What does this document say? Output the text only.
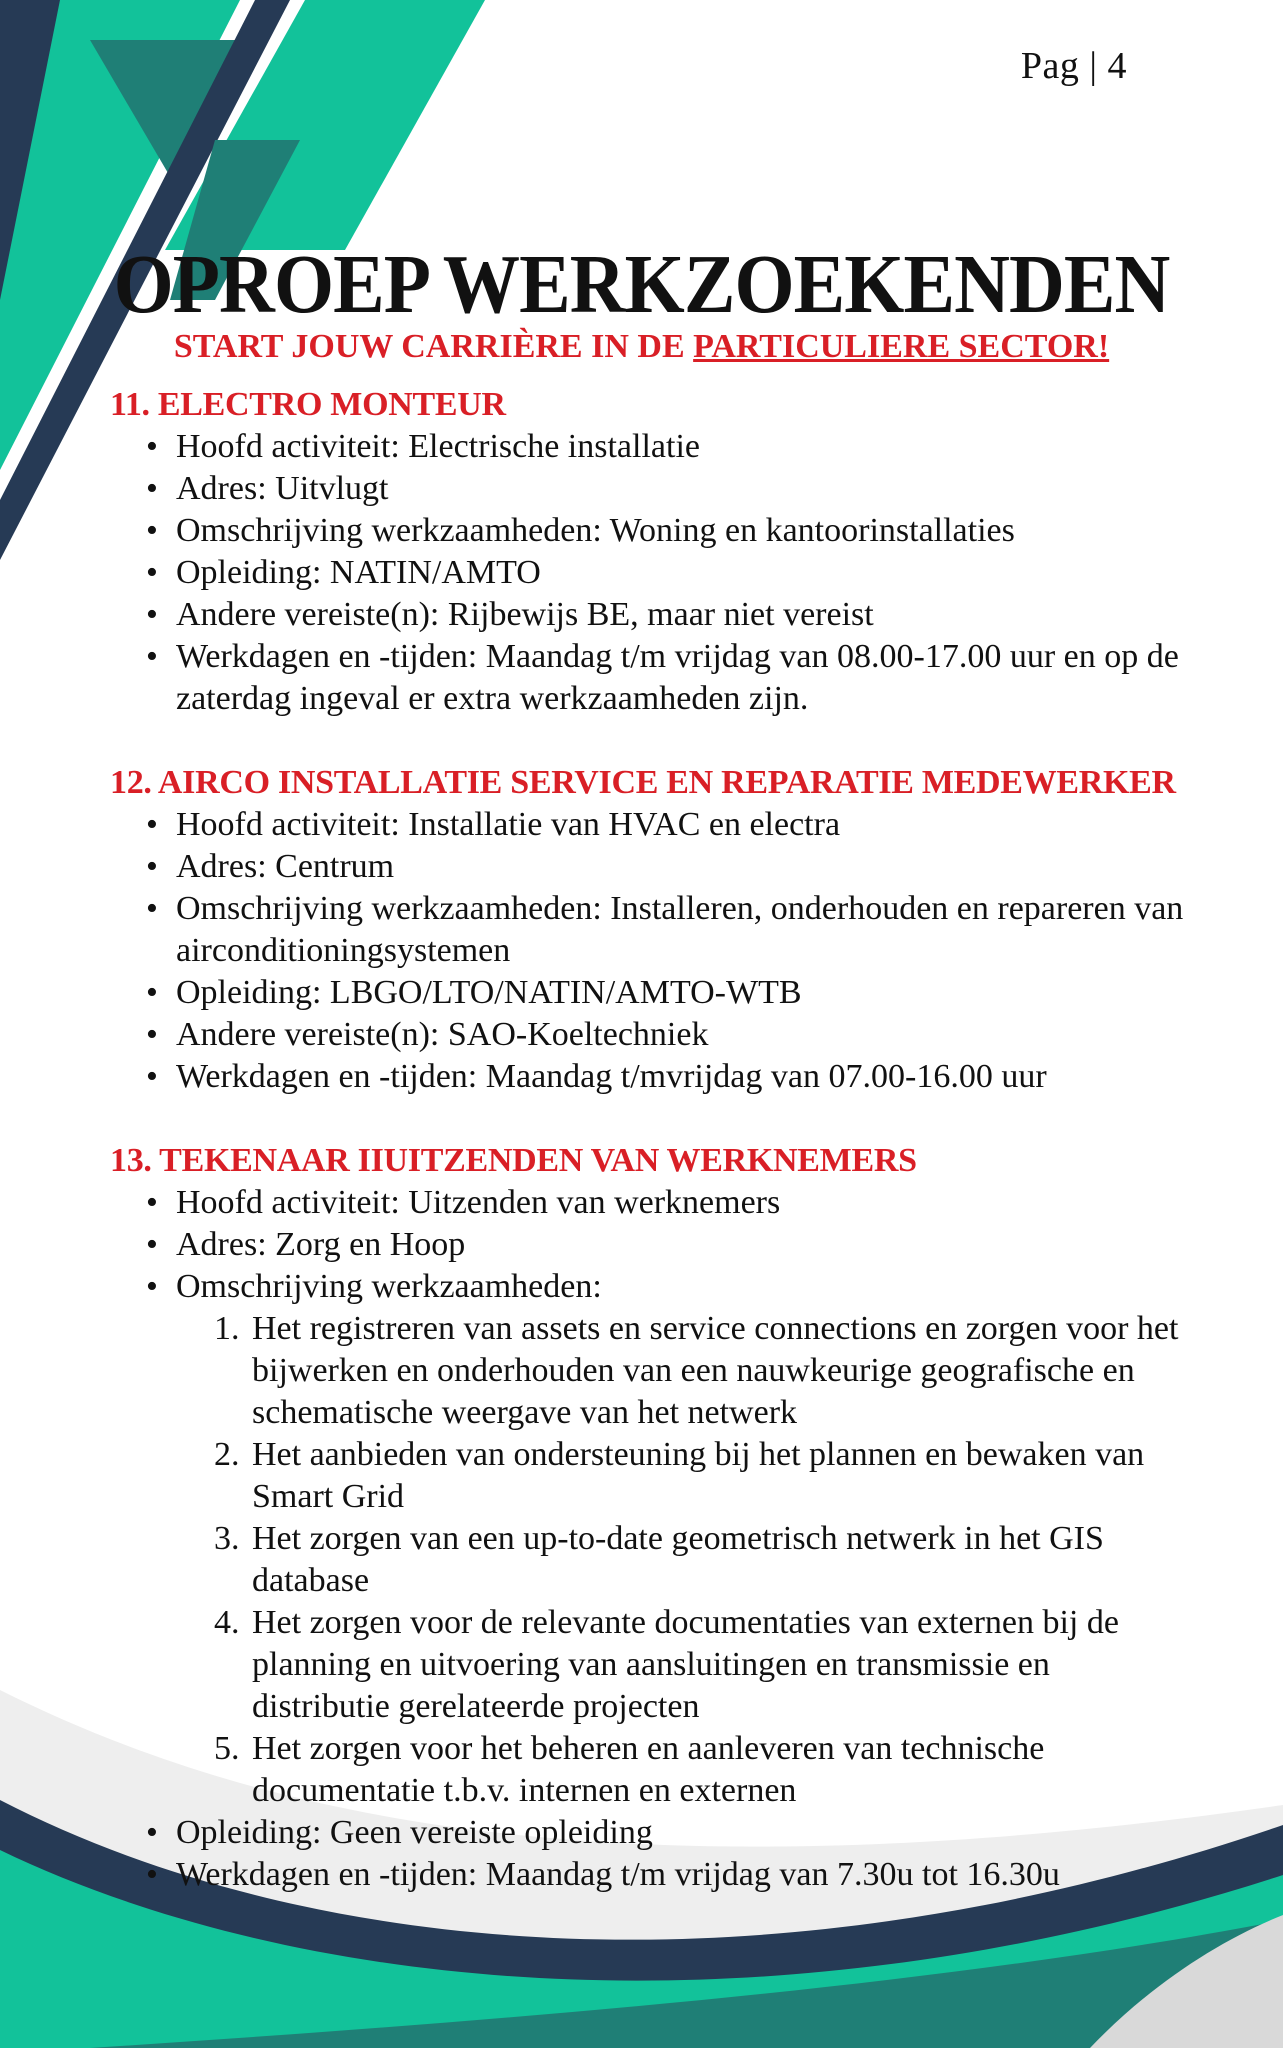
Pag | 4
OPROEP WERKZOEKENDEN
START JOUW CARRIÈRE IN DE PARTICULIERE SECTOR!
11. ELECTRO MONTEUR
• Hoofd activiteit: Electrische installatie
• Adres: Uitvlugt
• Omschrijving werkzaamheden: Woning en kantoorinstallaties
• Opleiding: NATIN/AMTO
• Andere vereiste(n): Rijbewijs BE, maar niet vereist
• Werkdagen en -tijden: Maandag t/m vrijdag van 08.00-17.00 uur en op de zaterdag ingeval er extra werkzaamheden zijn.
12. AIRCO INSTALLATIE SERVICE EN REPARATIE MEDEWERKER
• Hoofd activiteit: Installatie van HVAC en electra
• Adres: Centrum
• Omschrijving werkzaamheden: Installeren, onderhouden en repareren van airconditioningsystemen
• Opleiding: LBGO/LTO/NATIN/AMTO-WTB
• Andere vereiste(n): SAO-Koeltechniek
• Werkdagen en -tijden: Maandag t/mvrijdag van 07.00-16.00 uur
13. TEKENAAR IIUITZENDEN VAN WERKNEMERS
• Hoofd activiteit: Uitzenden van werknemers
• Adres: Zorg en Hoop
• Omschrijving werkzaamheden:
1. Het registreren van assets en service connections en zorgen voor het bijwerken en onderhouden van een nauwkeurige geografische en schematische weergave van het netwerk
2. Het aanbieden van ondersteuning bij het plannen en bewaken van Smart Grid
3. Het zorgen van een up-to-date geometrisch netwerk in het GIS database
4. Het zorgen voor de relevante documentaties van externen bij de planning en uitvoering van aansluitingen en transmissie en distributie gerelateerde projecten
5. Het zorgen voor het beheren en aanleveren van technische documentatie t.b.v. internen en externen
• Opleiding: Geen vereiste opleiding
• Werkdagen en -tijden: Maandag t/m vrijdag van 7.30u tot 16.30u
